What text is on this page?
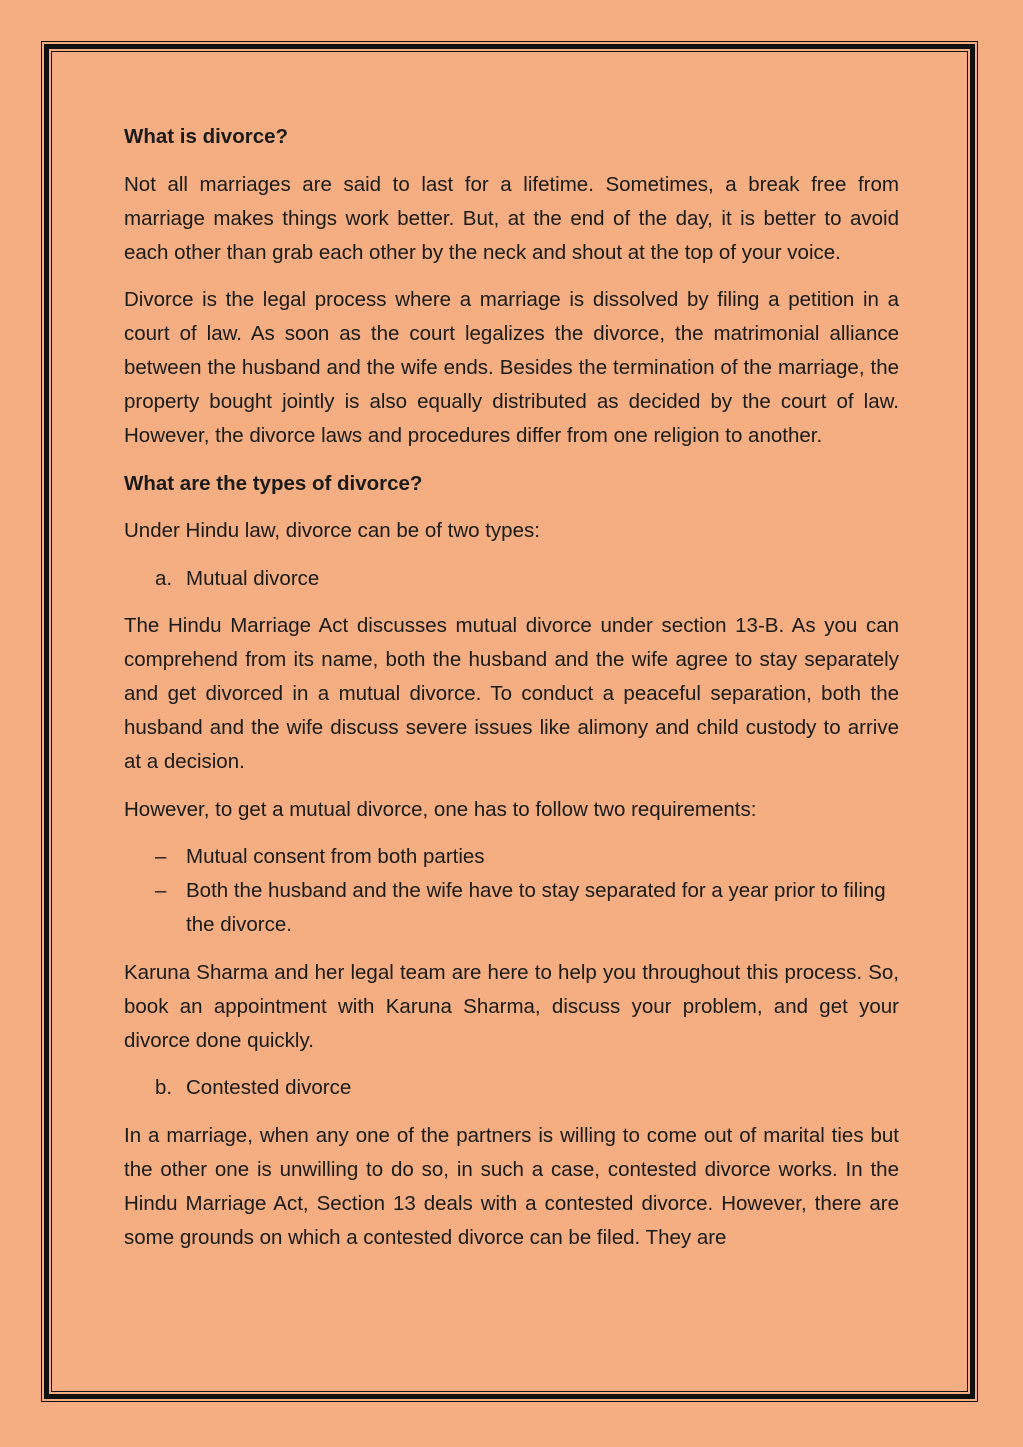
What is divorce?

Not all marriages are said to last for a lifetime. Sometimes, a break free from marriage makes things work better. But, at the end of the day, it is better to avoid each other than grab each other by the neck and shout at the top of your voice.

Divorce is the legal process where a marriage is dissolved by filing a petition in a court of law. As soon as the court legalizes the divorce, the matrimonial alliance between the husband and the wife ends. Besides the termination of the marriage, the property bought jointly is also equally distributed as decided by the court of law. However, the divorce laws and procedures differ from one religion to another.

What are the types of divorce?

Under Hindu law, divorce can be of two types:

a. Mutual divorce

The Hindu Marriage Act discusses mutual divorce under section 13-B. As you can comprehend from its name, both the husband and the wife agree to stay separately and get divorced in a mutual divorce. To conduct a peaceful separation, both the husband and the wife discuss severe issues like alimony and child custody to arrive at a decision.

However, to get a mutual divorce, one has to follow two requirements:

– Mutual consent from both parties
– Both the husband and the wife have to stay separated for a year prior to filing the divorce.

Karuna Sharma and her legal team are here to help you throughout this process. So, book an appointment with Karuna Sharma, discuss your problem, and get your divorce done quickly.

b. Contested divorce

In a marriage, when any one of the partners is willing to come out of marital ties but the other one is unwilling to do so, in such a case, contested divorce works. In the Hindu Marriage Act, Section 13 deals with a contested divorce. However, there are some grounds on which a contested divorce can be filed. They are
